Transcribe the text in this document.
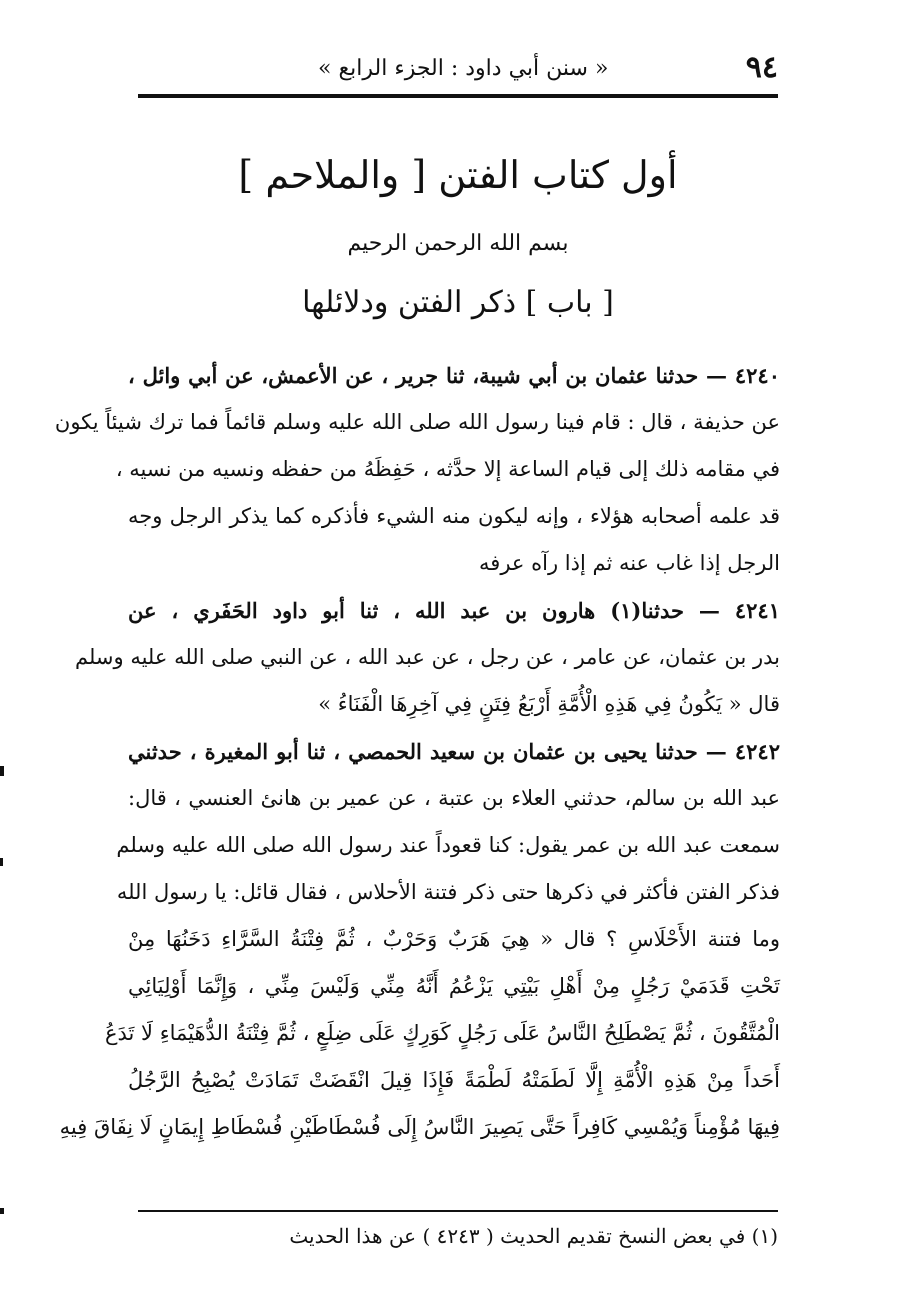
٩٤
« سنن أبي داود : الجزء الرابع »
أول كتاب الفتن [ والملاحم ]
بسم الله الرحمن الرحيم
[ باب ] ذكر الفتن ودلائلها
٤٢٤٠ — حدثنا عثمان بن أبي شيبة، ثنا جرير ، عن الأعمش، عن أبي وائل ،
عن حذيفة ، قال : قام فينا رسول الله صلى الله عليه وسلم قائماً فما ترك شيئاً يكون
في مقامه ذلك إلى قيام الساعة إلا حدَّثه ، حَفِظَهُ من حفظه ونسيه من نسيه ،
قد علمه أصحابه هؤلاء ، وإنه ليكون منه الشيء فأذكره كما يذكر الرجل وجه
الرجل إذا غاب عنه ثم إذا رآه عرفه
٤٢٤١ — حدثنا(١) هارون بن عبد الله ، ثنا أبو داود الحَفَري ، عن
بدر بن عثمان، عن عامر ، عن رجل ، عن عبد الله ، عن النبي صلى الله عليه وسلم
قال « يَكُونُ فِي هَذِهِ الْأُمَّةِ أَرْبَعُ فِتَنٍ فِي آخِرِهَا الْفَنَاءُ »
٤٢٤٢ — حدثنا يحيى بن عثمان بن سعيد الحمصي ، ثنا أبو المغيرة ، حدثني
عبد الله بن سالم، حدثني العلاء بن عتبة ، عن عمير بن هانئ العنسي ، قال:
سمعت عبد الله بن عمر يقول: كنا قعوداً عند رسول الله صلى الله عليه وسلم
فذكر الفتن فأكثر في ذكرها حتى ذكر فتنة الأحلاس ، فقال قائل: يا رسول الله
وما فتنة الأَحْلَاسِ ؟ قال « هِيَ هَرَبٌ وَحَرْبٌ ، ثُمَّ فِتْنَةُ السَّرَّاءِ دَخَنُهَا مِنْ
تَحْتِ قَدَمَيْ رَجُلٍ مِنْ أَهْلِ بَيْتِي يَزْعُمُ أَنَّهُ مِنِّي وَلَيْسَ مِنِّي ، وَإِنَّمَا أَوْلِيَائِي
الْمُتَّقُونَ ، ثُمَّ يَصْطَلِحُ النَّاسُ عَلَى رَجُلٍ كَوَرِكٍ عَلَى ضِلَعٍ ، ثُمَّ فِتْنَةُ الدُّهَيْمَاءِ لَا تَدَعُ
أَحَداً مِنْ هَذِهِ الْأُمَّةِ إِلَّا لَطَمَتْهُ لَطْمَةً فَإِذَا قِيلَ انْقَضَتْ تَمَادَتْ يُصْبِحُ الرَّجُلُ
فِيهَا مُؤْمِناً وَيُمْسِي كَافِراً حَتَّى يَصِيرَ النَّاسُ إِلَى فُسْطَاطَيْنِ فُسْطَاطِ إِيمَانٍ لَا نِفَاقَ فِيهِ
(١) في بعض النسخ تقديم الحديث ( ٤٢٤٣ ) عن هذا الحديث
